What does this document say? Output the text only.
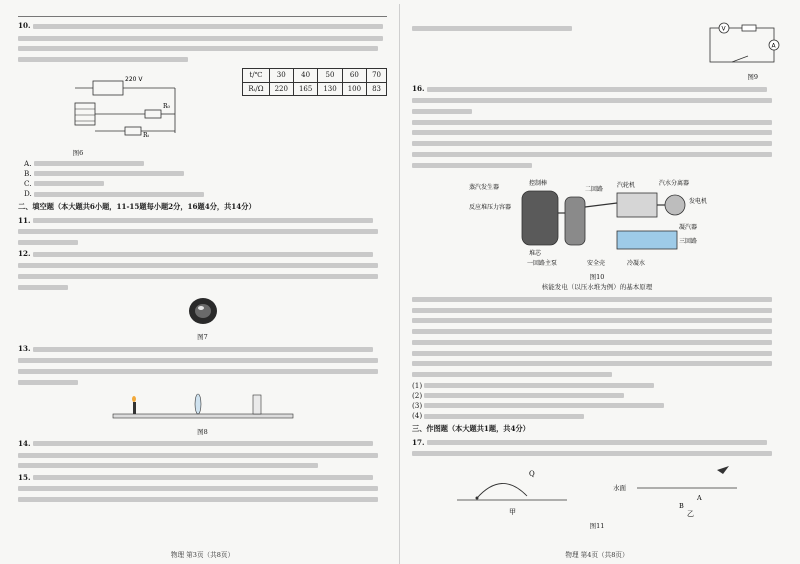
10.
220 V
R₀
Rₜ
t/℃	30	40	50	60	70
Rₜ/Ω	220	165	130	100	83
图6
A.
B.
C.
D.
二、填空题（本大题共6小题，11-15题每小题2分，16题4分，共14分）
11.
12.
图7
13.
图8
14.
15.
物理 第3页（共8页）
V
A
图9
16.
蒸汽发生器
反应堆压力容器
控制棒
堆芯
一回路主泵
二回路
汽轮机	汽水分离器
发电机
凝汽器
三回路
安全壳	冷凝水
图10
核能发电（以压水堆为例）的基本原理
(1)
(2)
(3)
(4)
三、作图题（本大题共1题，共4分）
17.
Q
甲
水面
A
B
乙
图11
物理 第4页（共8页）
